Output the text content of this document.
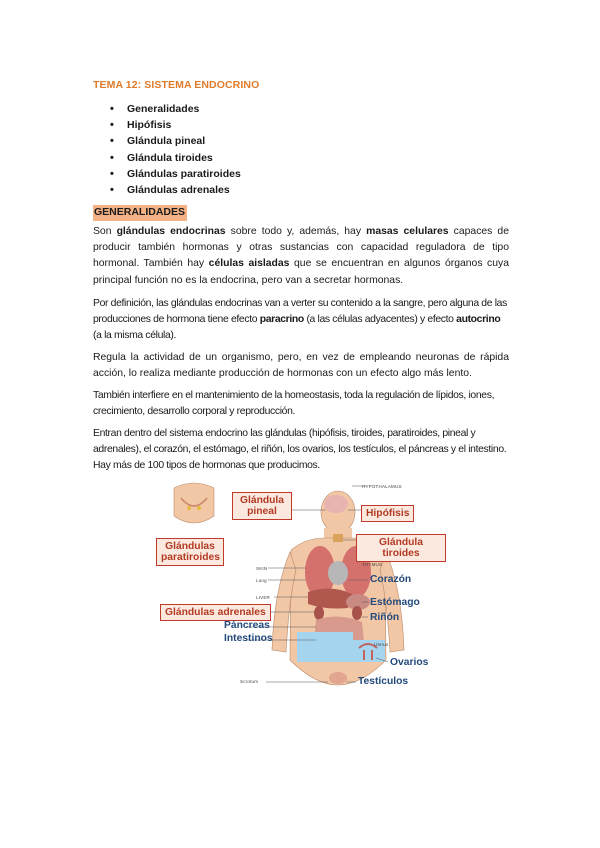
TEMA 12: SISTEMA ENDOCRINO
• Generalidades
• Hipófisis
• Glándula pineal
• Glándula tiroides
• Glándulas paratiroides
• Glándulas adrenales
GENERALIDADES
Son glándulas endocrinas sobre todo y, además, hay masas celulares capaces de producir también hormonas y otras sustancias con capacidad reguladora de tipo hormonal. También hay células aisladas que se encuentran en algunos órganos cuya principal función no es la endocrina, pero van a secretar hormonas.
Por definición, las glándulas endocrinas van a verter su contenido a la sangre, pero alguna de las producciones de hormona tiene efecto paracrino (a las células adyacentes) y efecto autocrino (a la misma célula).
Regula la actividad de un organismo, pero, en vez de empleando neuronas de rápida acción, lo realiza mediante producción de hormonas con un efecto algo más lento.
También interfiere en el mantenimiento de la homeostasis, toda la regulación de lípidos, iones, crecimiento, desarrollo corporal y reproducción.
Entran dentro del sistema endocrino las glándulas (hipófisis, tiroides, paratiroides, pineal y adrenales), el corazón, el estómago, el riñón, los ovarios, los testículos, el páncreas y el intestino. Hay más de 100 tipos de hormonas que producimos.
HYPOTHALAMUS
THYMUS
SKIN
Lung
LIVER
Uterus
Scrotum
Glándula pineal
Glándulas paratiroides
Hipófisis
Glándula tiroides
Corazón
Glándulas adrenales
Estómago
Riñón
Páncreas
Intestinos
Ovarios
Testículos
